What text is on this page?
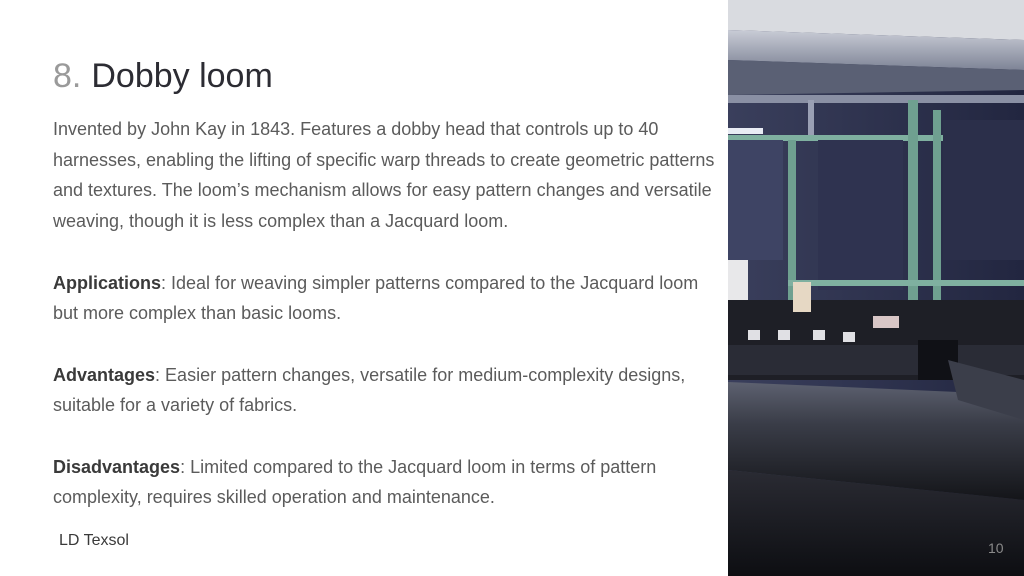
8. Dobby loom

Invented by John Kay in 1843. Features a dobby head that controls up to 40 harnesses, enabling the lifting of specific warp threads to create geometric patterns and textures. The loom’s mechanism allows for easy pattern changes and versatile weaving, though it is less complex than a Jacquard loom.

Applications: Ideal for weaving simpler patterns compared to the Jacquard loom but more complex than basic looms.

Advantages: Easier pattern changes, versatile for medium-complexity designs, suitable for a variety of fabrics.

Disadvantages: Limited compared to the Jacquard loom in terms of pattern complexity, requires skilled operation and maintenance.

LD Texsol	10
